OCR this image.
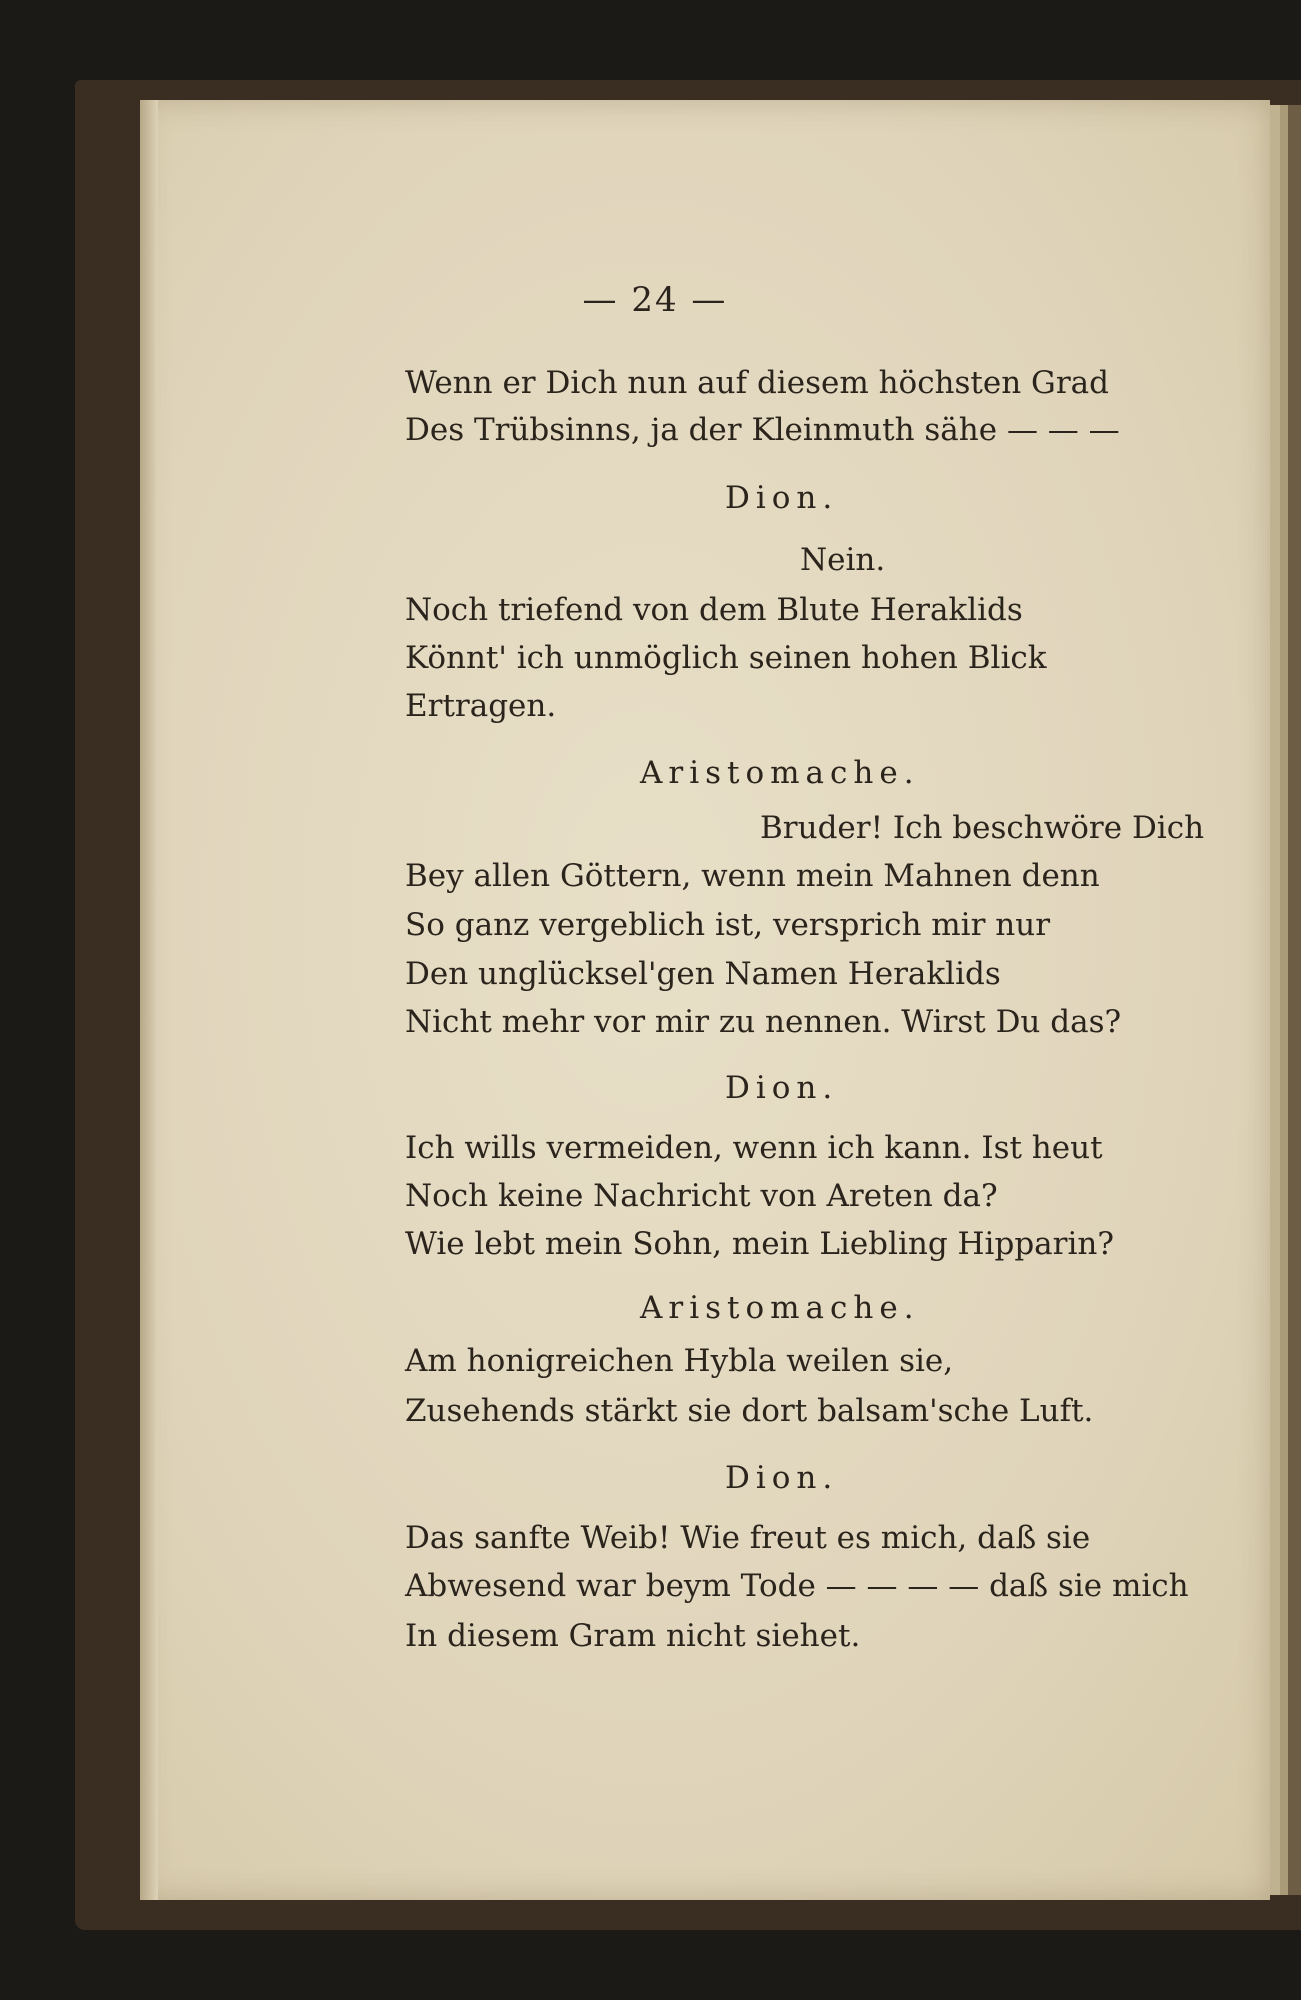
— 24 —
Wenn er Dich nun auf diesem höchsten Grad
Des Trübsinns, ja der Kleinmuth sähe — — —
Dion.
Nein.
Noch triefend von dem Blute Heraklids
Könnt' ich unmöglich seinen hohen Blick
Ertragen.
Aristomache.
Bruder! Ich beschwöre Dich
Bey allen Göttern, wenn mein Mahnen denn
So ganz vergeblich ist, versprich mir nur
Den unglücksel'gen Namen Heraklids
Nicht mehr vor mir zu nennen. Wirst Du das?
Dion.
Ich wills vermeiden, wenn ich kann. Ist heut
Noch keine Nachricht von Areten da?
Wie lebt mein Sohn, mein Liebling Hipparin?
Aristomache.
Am honigreichen Hybla weilen sie,
Zusehends stärkt sie dort balsam'sche Luft.
Dion.
Das sanfte Weib! Wie freut es mich, daß sie
Abwesend war beym Tode — — — — daß sie mich
In diesem Gram nicht siehet.
